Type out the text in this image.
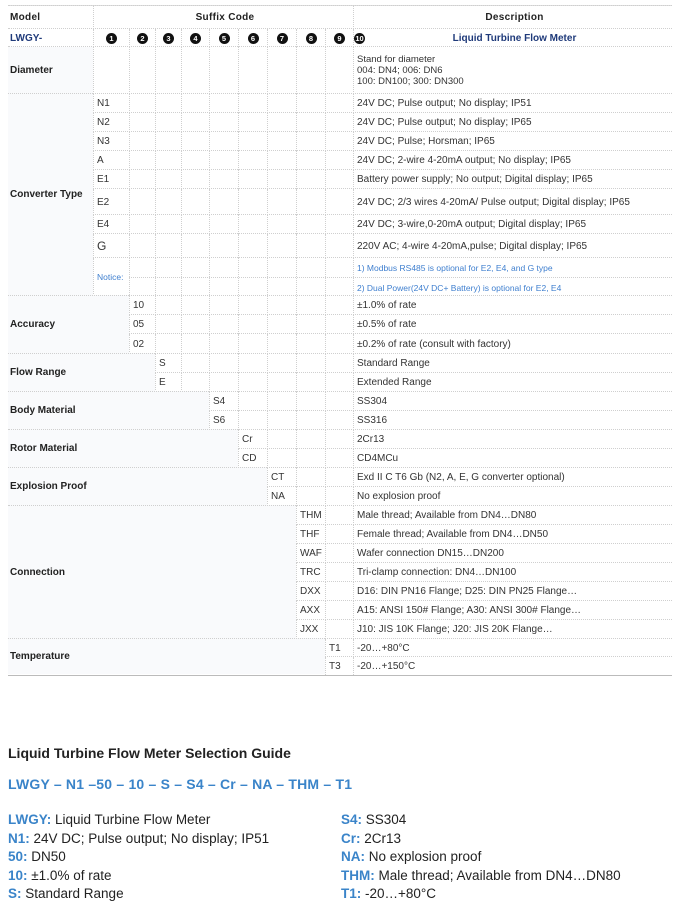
Model	Suffix Code	Description
LWGY-	1	2	3	4	5	6	7	8	9	10	Liquid Turbine Flow Meter
Diameter
Stand for diameter
004: DN4; 006: DN6
100: DN100; 300: DN300
Converter Type
N1	24V DC; Pulse output; No display; IP51
N2	24V DC; Pulse output; No display; IP65
N3	24V DC; Pulse; Horsman; IP65
A	24V DC; 2-wire 4-20mA output; No display; IP65
E1	Battery power supply; No output; Digital display; IP65
E2	24V DC; 2/3 wires 4-20mA/ Pulse output; Digital display; IP65
E4	24V DC; 3-wire,0-20mA output; Digital display; IP65
G	220V AC; 4-wire 4-20mA,pulse; Digital display; IP65
Notice:
1) Modbus RS485 is optional for E2, E4, and G type
2) Dual Power(24V DC+ Battery) is optional for E2, E4
Accuracy
10	±1.0% of rate
05	±0.5% of rate
02	±0.2% of rate (consult with factory)
Flow Range
S	Standard Range
E	Extended Range
Body Material
S4	SS304
S6	SS316
Rotor Material
Cr	2Cr13
CD	CD4MCu
Explosion Proof
CT	Exd II C T6 Gb (N2, A, E, G converter optional)
NA	No explosion proof
Connection
THM	Male thread; Available from DN4…DN80
THF	Female thread; Available from DN4…DN50
WAF	Wafer connection DN15…DN200
TRC	Tri-clamp connection: DN4…DN100
DXX	D16: DIN PN16 Flange; D25: DIN PN25 Flange…
AXX	A15: ANSI 150# Flange; A30: ANSI 300# Flange…
JXX	J10: JIS 10K Flange; J20: JIS 20K Flange…
Temperature
T1	-20…+80°C
T3	-20…+150°C
Liquid Turbine Flow Meter Selection Guide
LWGY – N1 –50 – 10 – S – S4 – Cr – NA – THM – T1
LWGY: Liquid Turbine Flow Meter
N1: 24V DC; Pulse output; No display; IP51
50: DN50
10: ±1.0% of rate
S: Standard Range
S4: SS304
Cr: 2Cr13
NA: No explosion proof
THM: Male thread; Available from DN4…DN80
T1: -20…+80°C
